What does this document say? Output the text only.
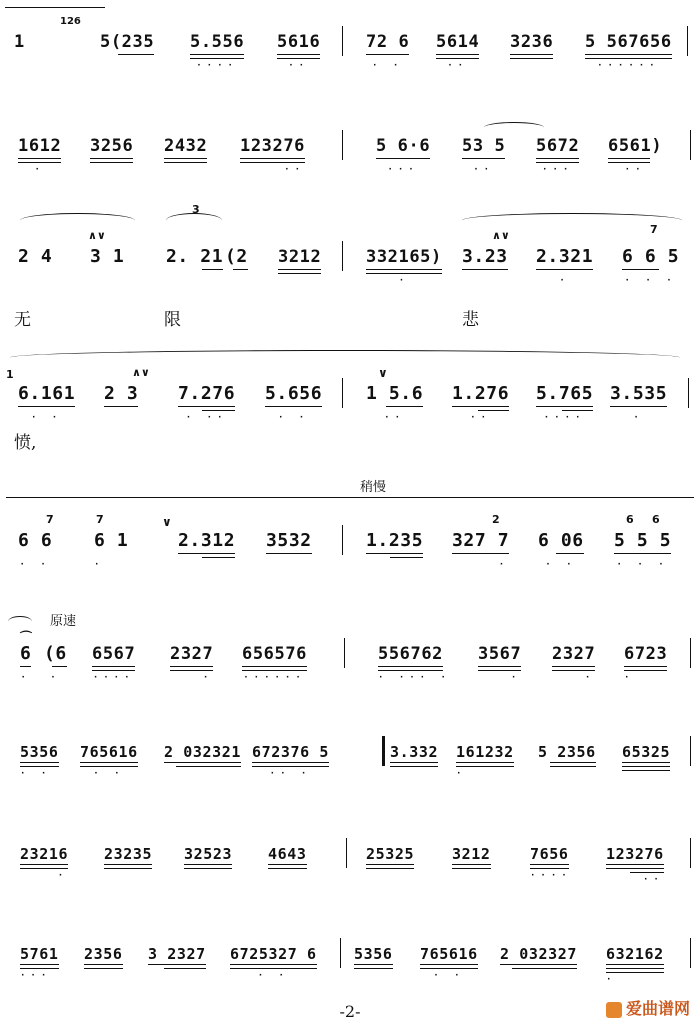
126
1	5(235 5.556
····
5616
··
72 6
· ·
5614
··
3236 5 567656
······
1612
·
3256 2432 123276
··
5 6·6
···
53 5
··
5672
···
6561)
··
3
7
∧∨	∧∨
2 4 3 1 2. 21 (2 3212	332165)
·
3.23 2.321
·
6 6 5
· · ·
无	限	悲
1	∧∨	∨
6.161
· ·
2 3 7.276
· ··
5.656
· ·
1 5.6
··
1.276
··
5.765
····
3.535
·
愤,
稍慢
7	7	∨	2	6 6
6 6
· ·
6 1
·
2.312 3532	1.235 327 7
·
6 06
· ·
5 5 5
· · ·
原速
⌒
6
·
(6
·
6567
····
2327
·
656576
······
556762
· ··· ·
3567
·
2327
·
6723
·
5356
· ·
765616
· ·
2 032321 672376 5
·· ·
3.332 161232
·
5 2356 65325
23216
·
23235 32523 4643	25325	3212	7656
····
123276
··
5761
···
2356 3 2327 6725327 6
· ·
5356 765616
· ·
2 032327 632162
·
-2-	爱曲谱网
